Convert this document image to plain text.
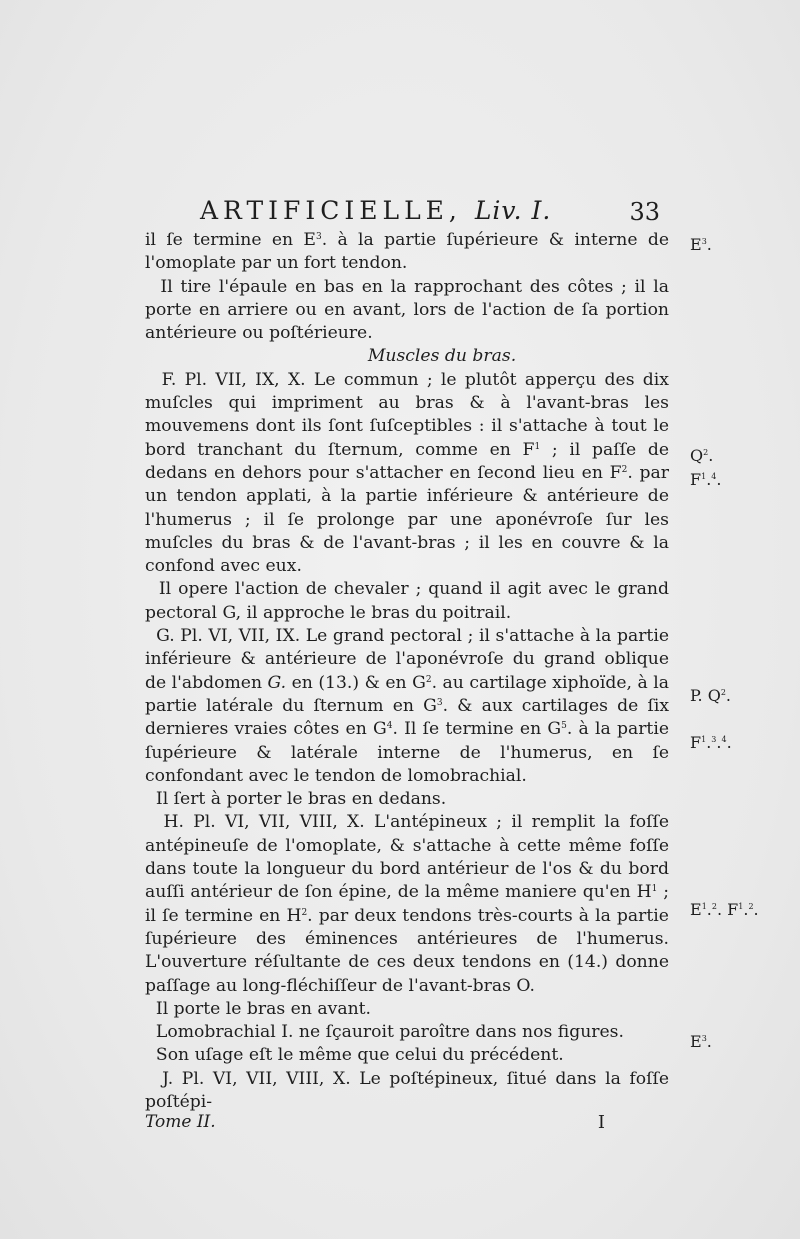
ARTIFICIELLE, Liv. I.	33

il ſe termine en $E^3$. à la partie ſupérieure & interne de l'omoplate par un fort tendon.

Il tire l'épaule en bas en la rapprochant des côtes ; il la porte en arriere ou en avant, lors de l'action de ſa portion antérieure ou poſtérieure.

Muscles du bras.

F. Pl. VII, IX, X. Le commun ; le plutôt apperçu des dix muſcles qui impriment au bras & à l'avant-bras les mouvemens dont ils ſont ſuſceptibles : il s'attache à tout le bord tranchant du ſternum, comme en $F^1$ ; il paſſe de dedans en dehors pour s'attacher en ſecond lieu en $F^2$. par un tendon applati, à la partie inférieure & antérieure de l'humerus ; il ſe prolonge par une aponévroſe ſur les muſcles du bras & de l'avant-bras ; il les en couvre & la confond avec eux.

Il opere l'action de chevaler ; quand il agit avec le grand pectoral G, il approche le bras du poitrail.

G. Pl. VI, VII, IX. Le grand pectoral ; il s'attache à la partie inférieure & antérieure de l'aponévroſe du grand oblique de l'abdomen G. en (13.) & en $G^2$. au cartilage xiphoïde, à la partie latérale du ſternum en $G^3$. & aux cartilages de ſix dernieres vraies côtes en $G^4$. Il ſe termine en $G^5$. à la partie ſupérieure & latérale interne de l'humerus, en ſe confondant avec le tendon de lomobrachial.

Il ſert à porter le bras en dedans.

H. Pl. VI, VII, VIII, X. L'antépineux ; il remplit la foſſe antépineuſe de l'omoplate, & s'attache à cette même foſſe dans toute la longueur du bord antérieur de l'os & du bord auſſi antérieur de ſon épine, de la même maniere qu'en $H^1$ ; il ſe termine en $H^2$. par deux tendons très-courts à la partie ſupérieure des éminences antérieures de l'humerus. L'ouverture réſultante de ces deux tendons en (14.) donne paſſage au long-fléchiſſeur de l'avant-bras O.

Il porte le bras en avant.

Lomobrachial I. ne ſçauroit paroître dans nos figures.

Son uſage eſt le même que celui du précédent.

J. Pl. VI, VII, VIII, X. Le poſtépineux, ſitué dans la foſſe poſtépi-

$E^3$.
$Q^2$.
$F^1.^4$.
P. $Q^2$.
$F^1.^3.^4$.
$E^1.^2$. $F^1.^2$.
$E^3$.
Tome II.	I
